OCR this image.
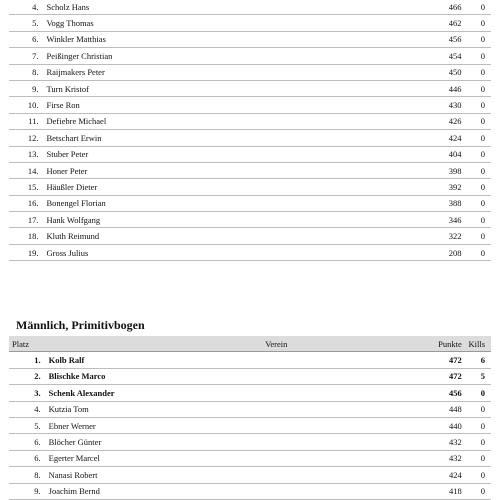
4.	Scholz Hans		466	0
5.	Vogg Thomas		462	0
6.	Winkler Matthias		456	0
7.	Peißinger Christian		454	0
8.	Raijmakers Peter		450	0
9.	Turn Kristof		446	0
10.	Firse Ron		430	0
11.	Defiebre Michael		426	0
12.	Betschart Erwin		424	0
13.	Stuber Peter		404	0
14.	Honer Peter		398	0
15.	Häußler Dieter		392	0
16.	Bonengel Florian		388	0
17.	Hank Wolfgang		346	0
18.	Kluth Reimund		322	0
19.	Gross Julius		208	0
Männlich, Primitivbogen
Platz		Verein	Punkte	Kills
1.	Kolb Ralf		472	6
2.	Blischke Marco		472	5
3.	Schenk Alexander		456	0
4.	Kutzia Tom		448	0
5.	Ebner Werner		440	0
6.	Blöcher Günter		432	0
6.	Egerter Marcel		432	0
8.	Nanasi Robert		424	0
9.	Joachim Bernd		418	0
